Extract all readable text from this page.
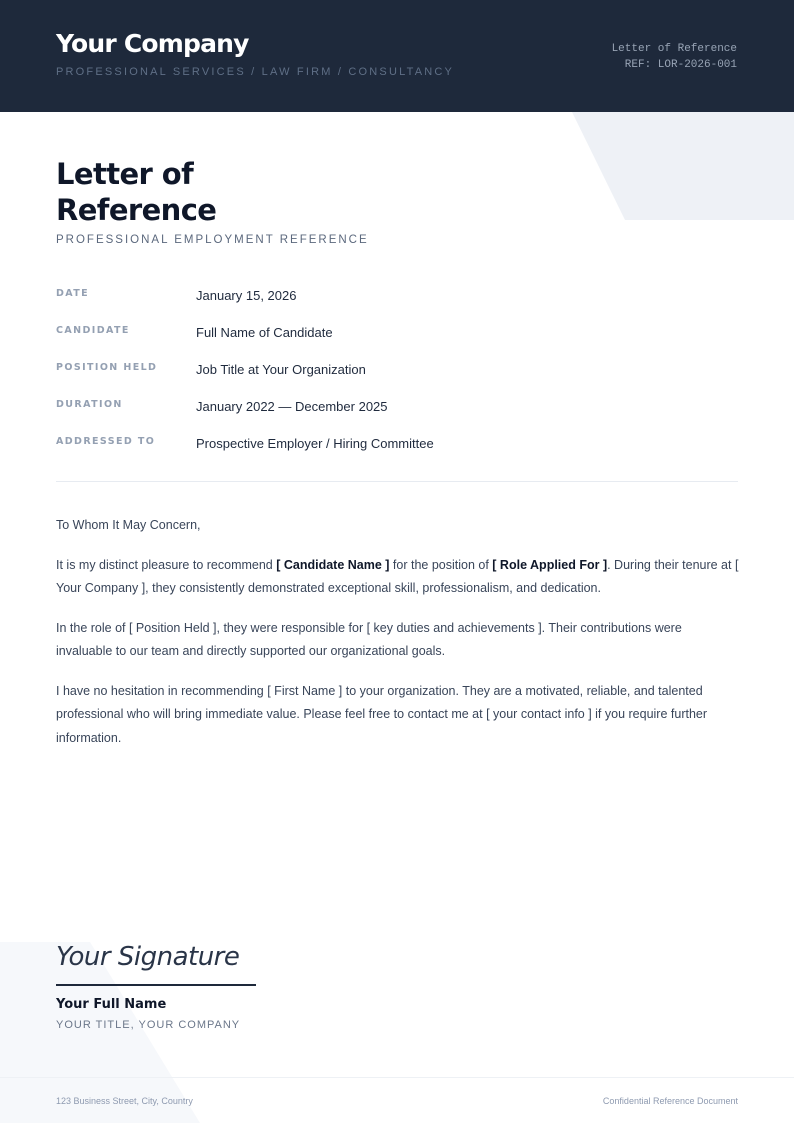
Your Company
PROFESSIONAL SERVICES / LAW FIRM / CONSULTANCY
Letter of Reference
REF: LOR-2026-001
Letter of
Reference
PROFESSIONAL EMPLOYMENT REFERENCE
DATE	January 15, 2026
CANDIDATE	Full Name of Candidate
POSITION HELD	Job Title at Your Organization
DURATION	January 2022 — December 2025
ADDRESSED TO	Prospective Employer / Hiring Committee

To Whom It May Concern,

It is my distinct pleasure to recommend [ Candidate Name ] for the position of [ Role Applied For ]. During their tenure at [ Your Company ], they consistently demonstrated exceptional skill, professionalism, and dedication.

In the role of [ Position Held ], they were responsible for [ key duties and achievements ]. Their contributions were invaluable to our team and directly supported our organizational goals.

I have no hesitation in recommending [ First Name ] to your organization. They are a motivated, reliable, and talented professional who will bring immediate value. Please feel free to contact me at [ your contact info ] if you require further information.

Your Signature
Your Full Name
YOUR TITLE, YOUR COMPANY
123 Business Street, City, Country	Confidential Reference Document
